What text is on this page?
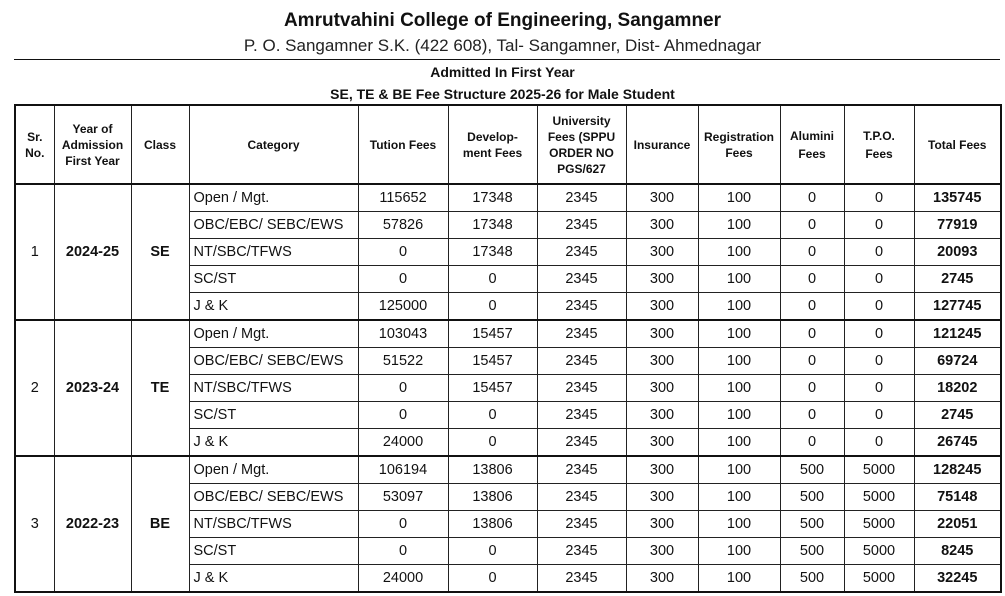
Amrutvahini College of Engineering, Sangamner
P. O. Sangamner S.K. (422 608), Tal- Sangamner, Dist- Ahmednagar
Admitted In First Year
SE, TE & BE Fee Structure 2025-26 for Male Student
Sr.
No.	Year of
Admission
First Year	Class	Category	Tution Fees	Develop-
ment Fees	University
Fees (SPPU
ORDER NO
PGS/627	Insurance	Registration
Fees	Alumini
Fees	T.P.O.
Fees	Total Fees
1	2024-25	SE	Open / Mgt.	115652	17348	2345	300	100	0	0	135745
			OBC/EBC/ SEBC/EWS	57826	17348	2345	300	100	0	0	77919
			NT/SBC/TFWS	0	17348	2345	300	100	0	0	20093
			SC/ST	0	0	2345	300	100	0	0	2745
			J & K	125000	0	2345	300	100	0	0	127745
2	2023-24	TE	Open / Mgt.	103043	15457	2345	300	100	0	0	121245
			OBC/EBC/ SEBC/EWS	51522	15457	2345	300	100	0	0	69724
			NT/SBC/TFWS	0	15457	2345	300	100	0	0	18202
			SC/ST	0	0	2345	300	100	0	0	2745
			J & K	24000	0	2345	300	100	0	0	26745
3	2022-23	BE	Open / Mgt.	106194	13806	2345	300	100	500	5000	128245
			OBC/EBC/ SEBC/EWS	53097	13806	2345	300	100	500	5000	75148
			NT/SBC/TFWS	0	13806	2345	300	100	500	5000	22051
			SC/ST	0	0	2345	300	100	500	5000	8245
			J & K	24000	0	2345	300	100	500	5000	32245
